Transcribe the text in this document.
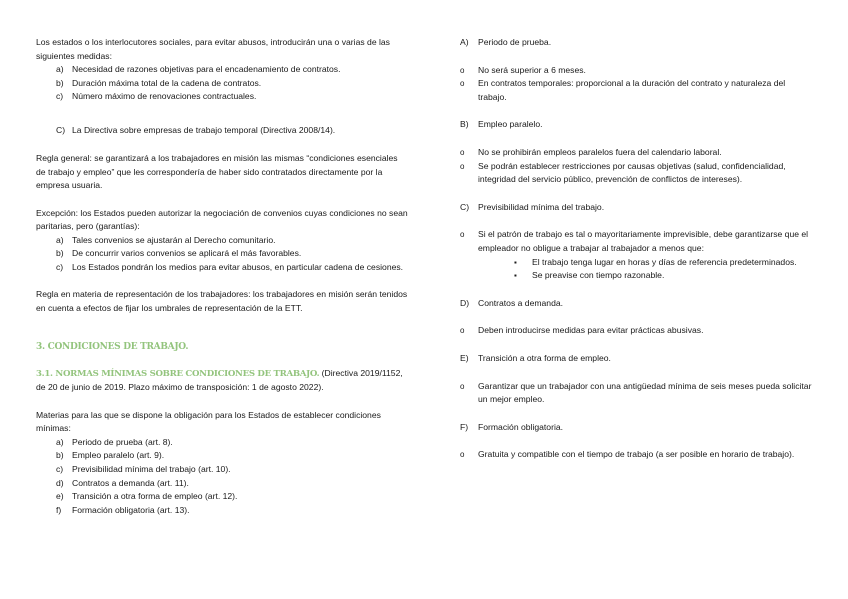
Los estados o los interlocutores sociales, para evitar abusos, introducirán una o varias de las siguientes medidas:

a) Necesidad de razones objetivas para el encadenamiento de contratos.
b) Duración máxima total de la cadena de contratos.
c) Número máximo de renovaciones contractuales.
C) La Directiva sobre empresas de trabajo temporal (Directiva 2008/14).

Regla general: se garantizará a los trabajadores en misión las mismas “condiciones esenciales de trabajo y empleo” que les correspondería de haber sido contratados directamente por la empresa usuaria.

Excepción: los Estados pueden autorizar la negociación de convenios cuyas condiciones no sean paritarias, pero (garantías):

a) Tales convenios se ajustarán al Derecho comunitario.
b) De concurrir varios convenios se aplicará el más favorables.
c) Los Estados pondrán los medios para evitar abusos, en particular cadena de cesiones.

Regla en materia de representación de los trabajadores: los trabajadores en misión serán tenidos en cuenta a efectos de fijar los umbrales de representación de la ETT.

3. CONDICIONES DE TRABAJO.

3.1. NORMAS MÍNIMAS SOBRE CONDICIONES DE TRABAJO. (Directiva 2019/1152, de 20 de junio de 2019. Plazo máximo de transposición: 1 de agosto 2022).

Materias para las que se dispone la obligación para los Estados de establecer condiciones mínimas:

a) Periodo de prueba (art. 8).
b) Empleo paralelo (art. 9).
c) Previsibilidad mínima del trabajo (art. 10).
d) Contratos a demanda (art. 11).
e) Transición a otra forma de empleo (art. 12).
f) Formación obligatoria (art. 13).
A) Periodo de prueba.
o No será superior a 6 meses.
o En contratos temporales: proporcional a la duración del contrato y naturaleza del trabajo.
B) Empleo paralelo.
o No se prohibirán empleos paralelos fuera del calendario laboral.
o Se podrán establecer restricciones por causas objetivas (salud, confidencialidad, integridad del servicio público, prevención de conflictos de intereses).
C) Previsibilidad mínima del trabajo.
o Si el patrón de trabajo es tal o mayoritariamente imprevisible, debe garantizarse que el empleador no obligue a trabajar al trabajador a menos que:
▪ El trabajo tenga lugar en horas y días de referencia predeterminados.
▪ Se preavise con tiempo razonable.
D) Contratos a demanda.
o Deben introducirse medidas para evitar prácticas abusivas.
E) Transición a otra forma de empleo.
o Garantizar que un trabajador con una antigüedad mínima de seis meses pueda solicitar un mejor empleo.
F) Formación obligatoria.
o Gratuita y compatible con el tiempo de trabajo (a ser posible en horario de trabajo).
